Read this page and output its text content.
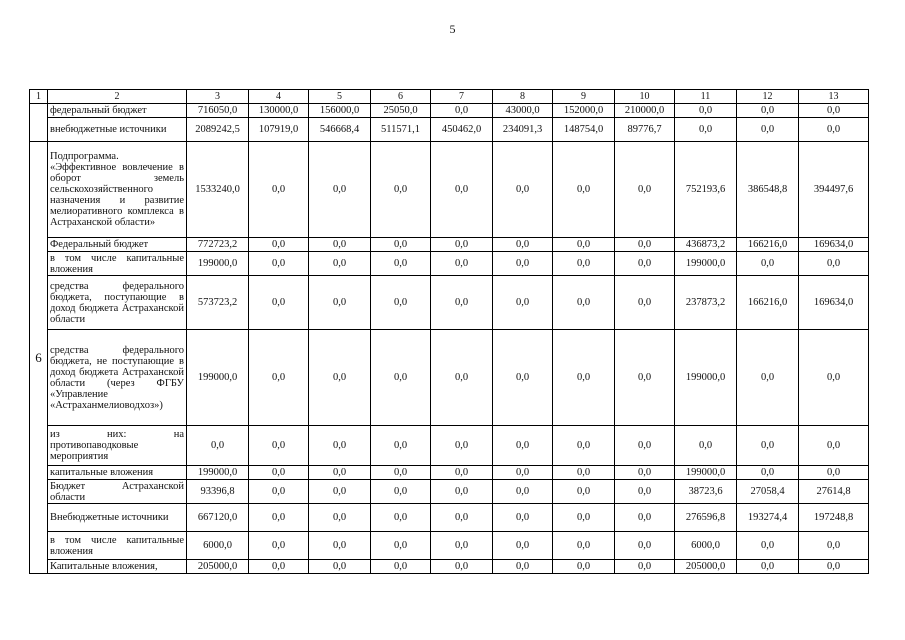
5
1	2	3	4	5	6	7	8	9	10	11	12	13
	федеральный бюджет	716050,0	130000,0	156000,0	25050,0	0,0	43000,0	152000,0	210000,0	0,0	0,0	0,0
	внебюджетные источники	2089242,5	107919,0	546668,4	511571,1	450462,0	234091,3	148754,0	89776,7	0,0	0,0	0,0
6	Подпрограмма. «Эффективное вовлечение в оборот земель сельскохозяйственного назначения и развитие мелиоративного комплекса в Астраханской области»	1533240,0	0,0	0,0	0,0	0,0	0,0	0,0	0,0	752193,6	386548,8	394497,6
	Федеральный бюджет	772723,2	0,0	0,0	0,0	0,0	0,0	0,0	0,0	436873,2	166216,0	169634,0
	в том числе капитальные вложения	199000,0	0,0	0,0	0,0	0,0	0,0	0,0	0,0	199000,0	0,0	0,0
	средства федерального бюджета, поступающие в доход бюджета Астраханской области	573723,2	0,0	0,0	0,0	0,0	0,0	0,0	0,0	237873,2	166216,0	169634,0
	средства федерального бюджета, не поступающие в доход бюджета Астраханской области (через ФГБУ «Управление «Астраханмелиоводхоз»)	199000,0	0,0	0,0	0,0	0,0	0,0	0,0	0,0	199000,0	0,0	0,0
	из них: на противопаводковые мероприятия	0,0	0,0	0,0	0,0	0,0	0,0	0,0	0,0	0,0	0,0	0,0
	капитальные вложения	199000,0	0,0	0,0	0,0	0,0	0,0	0,0	0,0	199000,0	0,0	0,0
	Бюджет Астраханской области	93396,8	0,0	0,0	0,0	0,0	0,0	0,0	0,0	38723,6	27058,4	27614,8
	Внебюджетные источники	667120,0	0,0	0,0	0,0	0,0	0,0	0,0	0,0	276596,8	193274,4	197248,8
	в том числе капитальные вложения	6000,0	0,0	0,0	0,0	0,0	0,0	0,0	0,0	6000,0	0,0	0,0
	Капитальные вложения,	205000,0	0,0	0,0	0,0	0,0	0,0	0,0	0,0	205000,0	0,0	0,0
